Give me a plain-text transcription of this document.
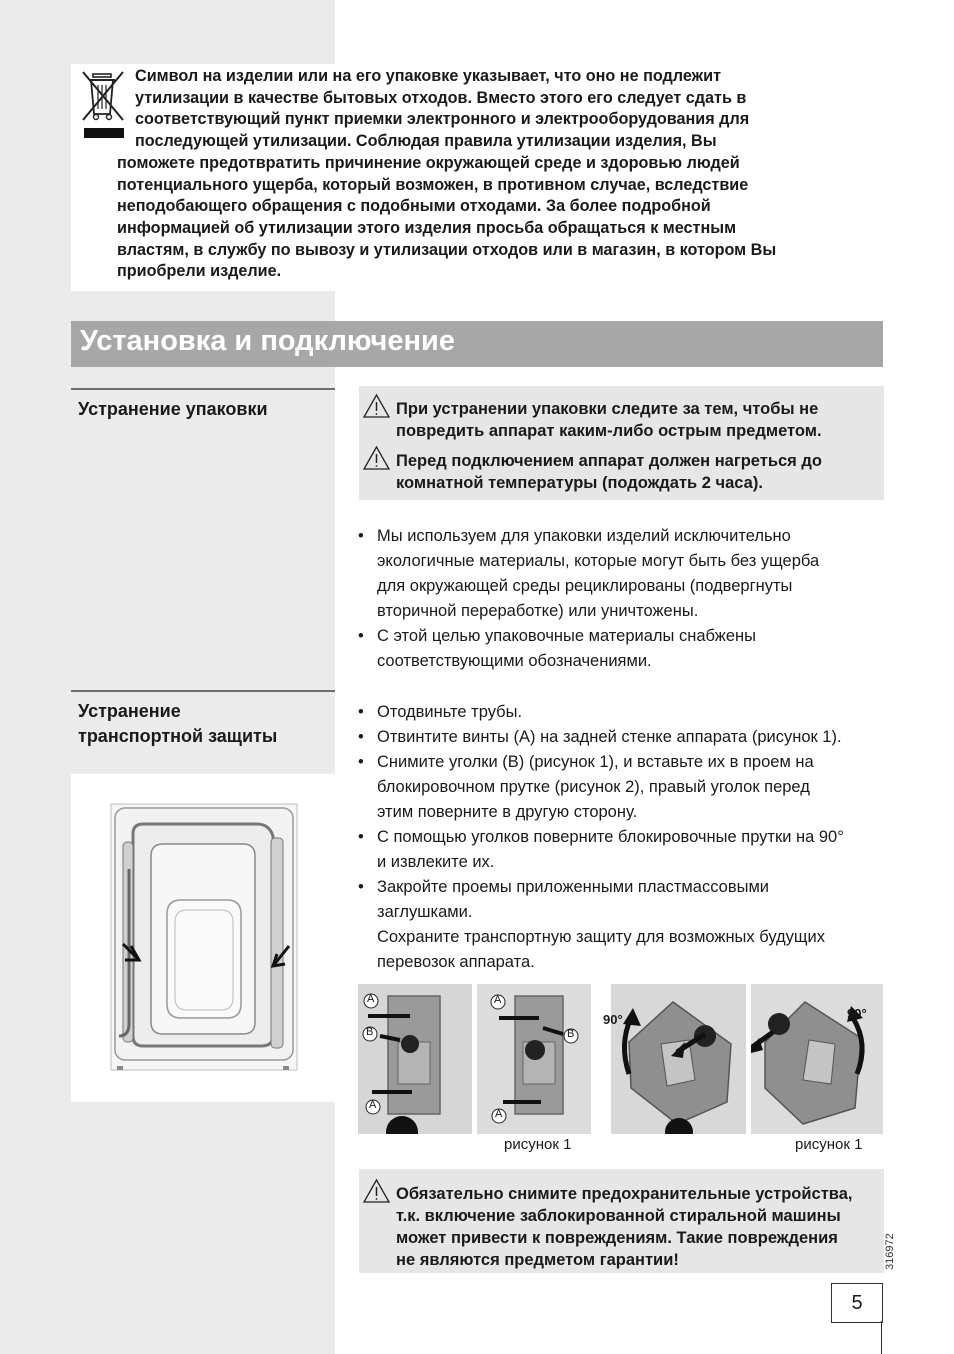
Символ на изделии или на его упаковке указывает, что оно не подлежит
утилизации в качестве бытовых отходов. Вместо этого его следует сдать в
соответствующий пункт приемки электронного и электрооборудования для
последующей утилизации. Соблюдая правила утилизации изделия, Вы
поможете предотвратить причинение окружающей среде и здоровью людей
потенциального ущерба, который возможен, в противном случае, вследствие
неподобающего обращения с подобными отходами. За более подробной
информацией об утилизации этого изделия просьба обращаться к местным
властям, в службу по вывозу и утилизации отходов или в магазин, в котором Вы
приобрели изделие.
Установка и подключение
Устранение упаковки	При устранении упаковки следите за тем, чтобы не
повредить аппарат каким-либо острым предметом.
Перед подключением аппарат должен нагреться до
комнатной температуры (подождать 2 часа).
• Мы используем для упаковки изделий исключительно
экологичные материалы, которые могут быть без ущерба
для окружающей среды рециклированы (подвергнуты
вторичной переработке) или уничтожены.
• С этой целью упаковочные материалы снабжены
соответствующими обозначениями.
Устранение
транспортной защиты
• Отодвиньте трубы.
• Отвинтите винты (A) на задней стенке аппарата (рисунок 1).
• Снимите уголки (B) (рисунок 1), и вставьте их в проем на
блокировочном прутке (рисунок 2), правый уголок перед
этим поверните в другую сторону.
• С помощью уголков поверните блокировочные прутки на 90°
и извлеките их.
• Закройте проемы приложенными пластмассовыми
заглушками.
Сохраните транспортную защиту для возможных будущих
перевозок аппарата.
A
B
A
A
B
A
рисунок 1
90°	90°
рисунок 1
Обязательно снимите предохранительные устройства,
т.к. включение заблокированной стиральной машины
может привести к повреждениям. Такие повреждения
не являются предметом гарантии!	316972
5
